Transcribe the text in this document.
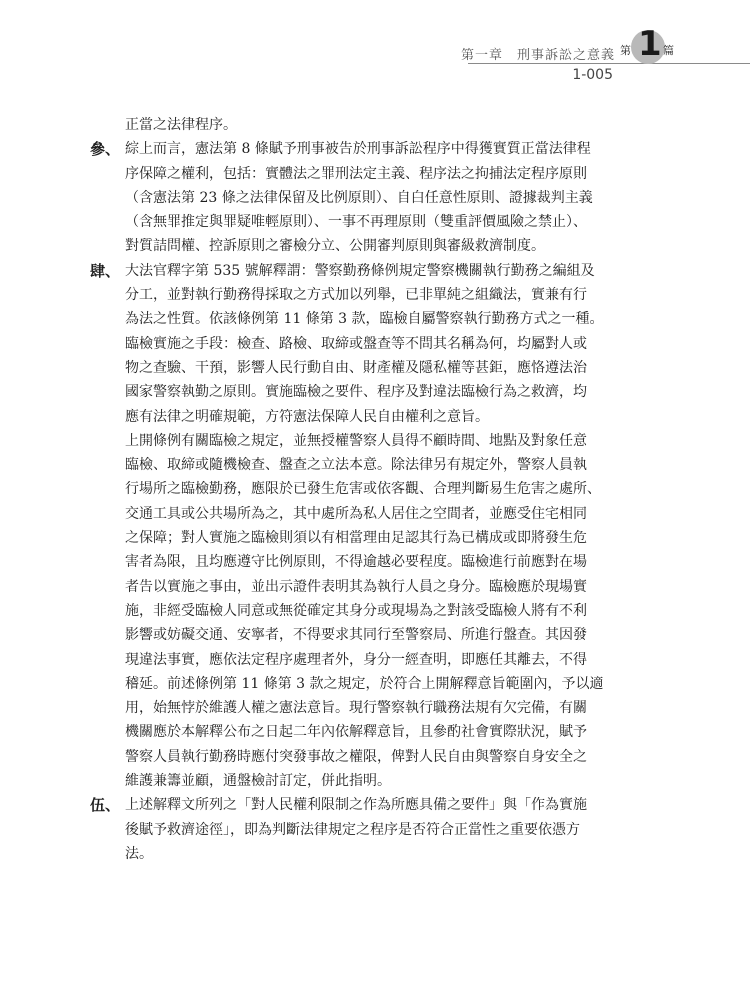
第一章　刑事訴訟之意義 第 1 篇
1-005
正當之法律程序。
參、 綜上而言，憲法第 8 條賦予刑事被告於刑事訴訟程序中得獲實質正當法律程
序保障之權利，包括：實體法之罪刑法定主義、程序法之拘捕法定程序原則
（含憲法第 23 條之法律保留及比例原則）、自白任意性原則、證據裁判主義
（含無罪推定與罪疑唯輕原則）、一事不再理原則（雙重評價風險之禁止）、
對質詰問權、控訴原則之審檢分立、公開審判原則與審級救濟制度。
肆、 大法官釋字第 535 號解釋謂：警察勤務條例規定警察機關執行勤務之編組及
分工，並對執行勤務得採取之方式加以列舉，已非單純之組織法，實兼有行
為法之性質。依該條例第 11 條第 3 款，臨檢自屬警察執行勤務方式之一種。
臨檢實施之手段：檢查、路檢、取締或盤查等不問其名稱為何，均屬對人或
物之查驗、干預，影響人民行動自由、財產權及隱私權等甚鉅，應恪遵法治
國家警察執勤之原則。實施臨檢之要件、程序及對違法臨檢行為之救濟，均
應有法律之明確規範，方符憲法保障人民自由權利之意旨。
上開條例有關臨檢之規定，並無授權警察人員得不顧時間、地點及對象任意
臨檢、取締或隨機檢查、盤查之立法本意。除法律另有規定外，警察人員執
行場所之臨檢勤務，應限於已發生危害或依客觀、合理判斷易生危害之處所、
交通工具或公共場所為之，其中處所為私人居住之空間者，並應受住宅相同
之保障；對人實施之臨檢則須以有相當理由足認其行為已構成或即將發生危
害者為限，且均應遵守比例原則，不得逾越必要程度。臨檢進行前應對在場
者告以實施之事由，並出示證件表明其為執行人員之身分。臨檢應於現場實
施，非經受臨檢人同意或無從確定其身分或現場為之對該受臨檢人將有不利
影響或妨礙交通、安寧者，不得要求其同行至警察局、所進行盤查。其因發
現違法事實，應依法定程序處理者外，身分一經查明，即應任其離去，不得
稽延。前述條例第 11 條第 3 款之規定，於符合上開解釋意旨範圍內，予以適
用，始無悖於維護人權之憲法意旨。現行警察執行職務法規有欠完備，有關
機關應於本解釋公布之日起二年內依解釋意旨，且參酌社會實際狀況，賦予
警察人員執行勤務時應付突發事故之權限，俾對人民自由與警察自身安全之
維護兼籌並顧，通盤檢討訂定，併此指明。
伍、 上述解釋文所列之「對人民權利限制之作為所應具備之要件」與「作為實施
後賦予救濟途徑」，即為判斷法律規定之程序是否符合正當性之重要依憑方
法。
